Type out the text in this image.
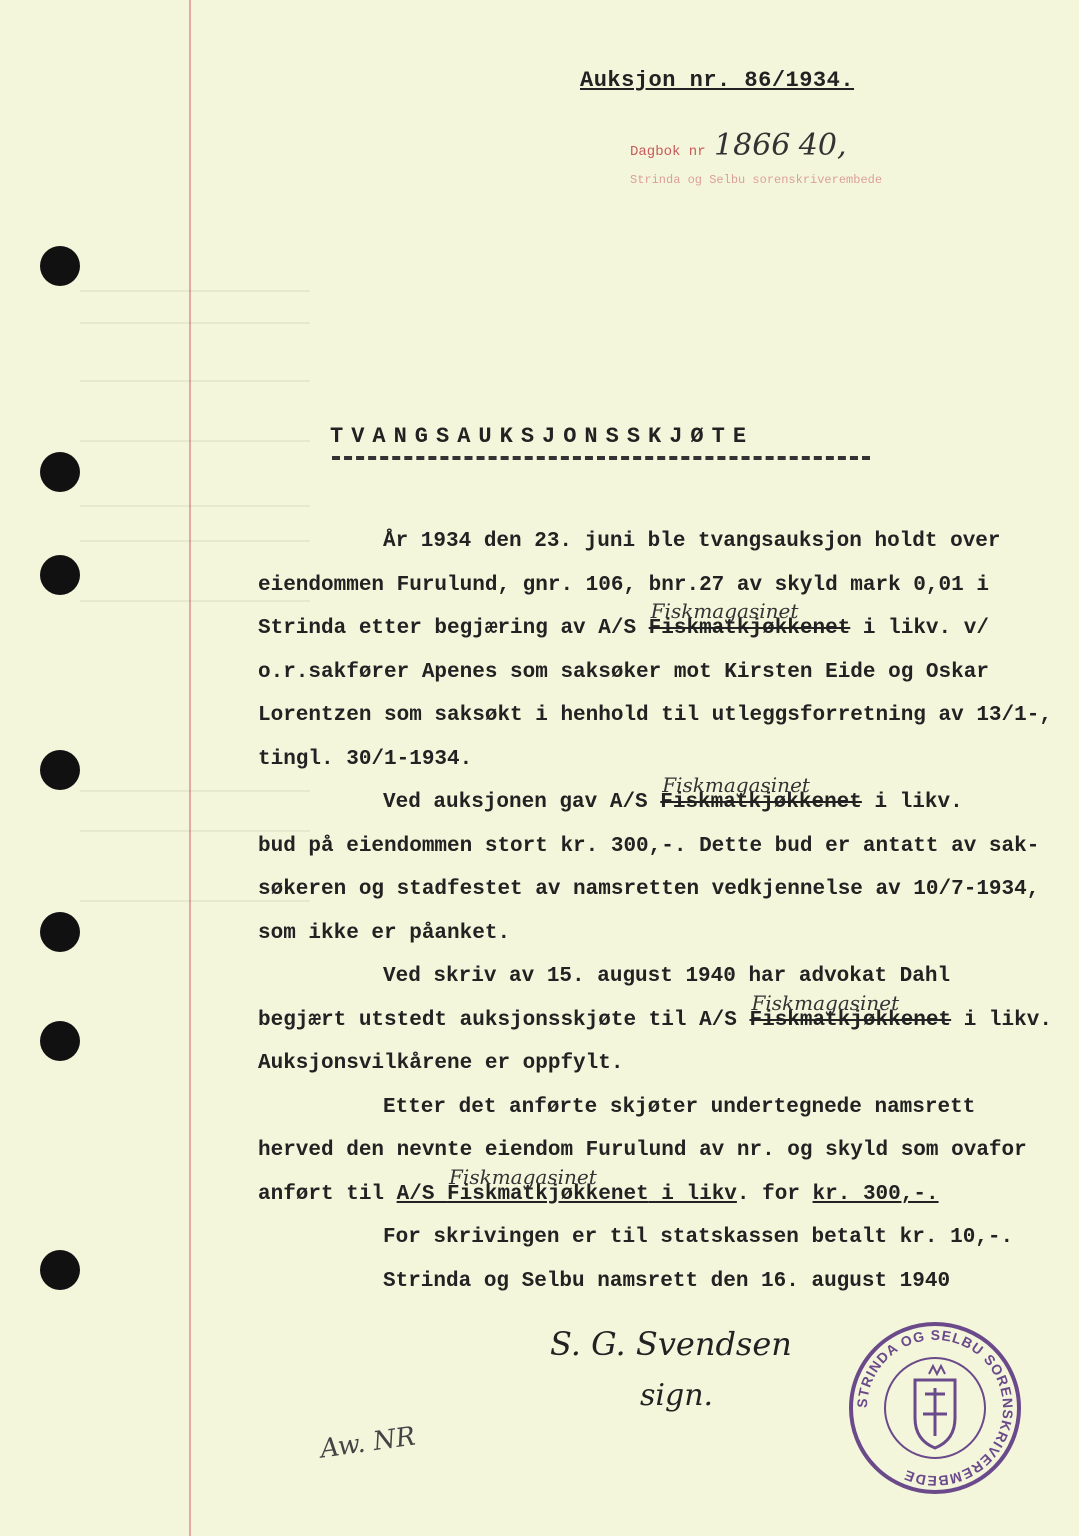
Auksjon nr. 86/1934.
Dagbok nr 1866 40,
Strinda og Selbu sorenskriverembede
TVANGSAUKSJONSSKJØTE

År 1934 den 23. juni ble tvangsauksjon holdt over

eiendommen Furulund, gnr. 106, bnr.27 av skyld mark 0,01 i

Strinda etter begjæring av A/S Fiskmatkjøkkenet
Fiskmagasinet
i likv. v/

o.r.sakfører Apenes som saksøker mot Kirsten Eide og Oskar

Lorentzen som saksøkt i henhold til utleggsforretning av 13/1-,

tingl. 30/1-1934.

Ved auksjonen gav A/S Fiskmatkjøkkenet
Fiskmagasinet
i likv.

bud på eiendommen stort kr. 300,-. Dette bud er antatt av sak-

søkeren og stadfestet av namsretten vedkjennelse av 10/7-1934,

som ikke er påanket.

Ved skriv av 15. august 1940 har advokat Dahl

begjært utstedt auksjonsskjøte til A/S Fiskmatkjøkkenet
Fiskmagasinet
i likv.

Auksjonsvilkårene er oppfylt.

Etter det anførte skjøter undertegnede namsrett

herved den nevnte eiendom Furulund av nr. og skyld som ovafor

anført til A/S Fiskmatkjøkkenet
Fiskmagasinet
i likv. for kr. 300,-.

For skrivingen er til statskassen betalt kr. 10,-.

Strinda og Selbu namsrett den 16. august 1940

S. G. Svendsen
sign.
Aw. NR
STRINDA OG SELBU SORENSKRIVEREMBEDE
